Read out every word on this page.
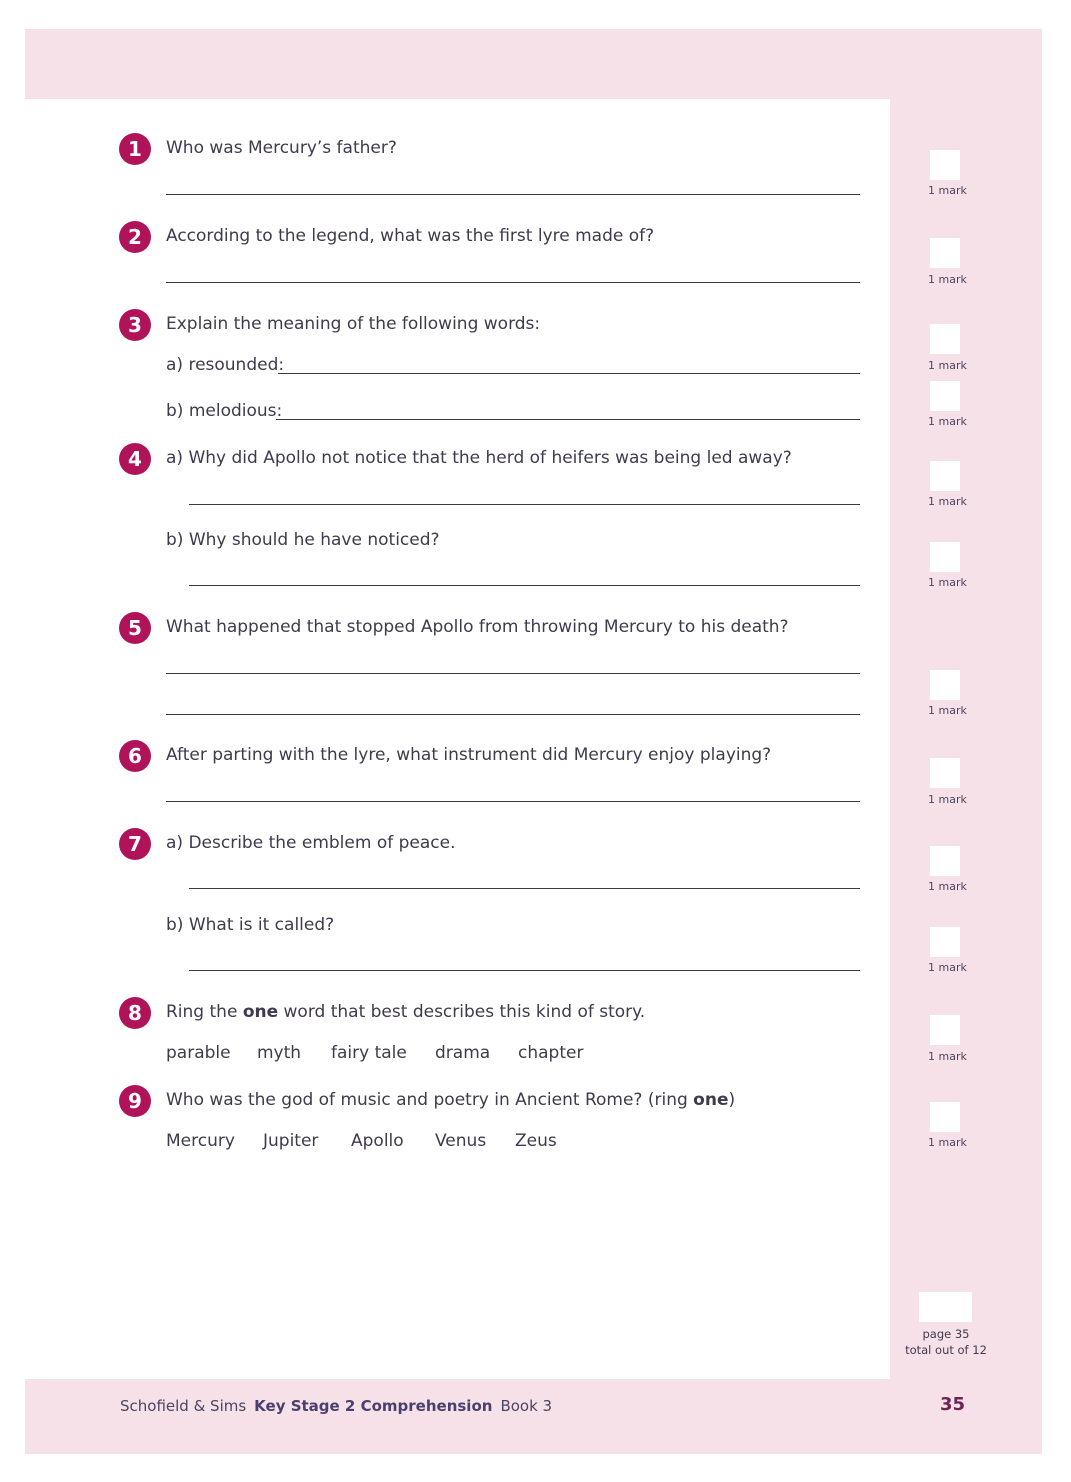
1	Who was Mercury’s father?
2	According to the legend, what was the first lyre made of?
3	Explain the meaning of the following words:
a) resounded:
b) melodious:
4	a) Why did Apollo not notice that the herd of heifers was being led away?
b) Why should he have noticed?
5	What happened that stopped Apollo from throwing Mercury to his death?
6	After parting with the lyre, what instrument did Mercury enjoy playing?
7	a) Describe the emblem of peace.
b) What is it called?
8	Ring the one word that best describes this kind of story.
parable myth fairy tale drama chapter
9	Who was the god of music and poetry in Ancient Rome? (ring one)
Mercury Jupiter Apollo Venus Zeus
1 mark
1 mark
1 mark
1 mark
1 mark
1 mark
1 mark
1 mark
1 mark
1 mark
1 mark
1 mark
page 35
total out of 12
Schofield & Sims Key Stage 2 Comprehension Book 3	35
